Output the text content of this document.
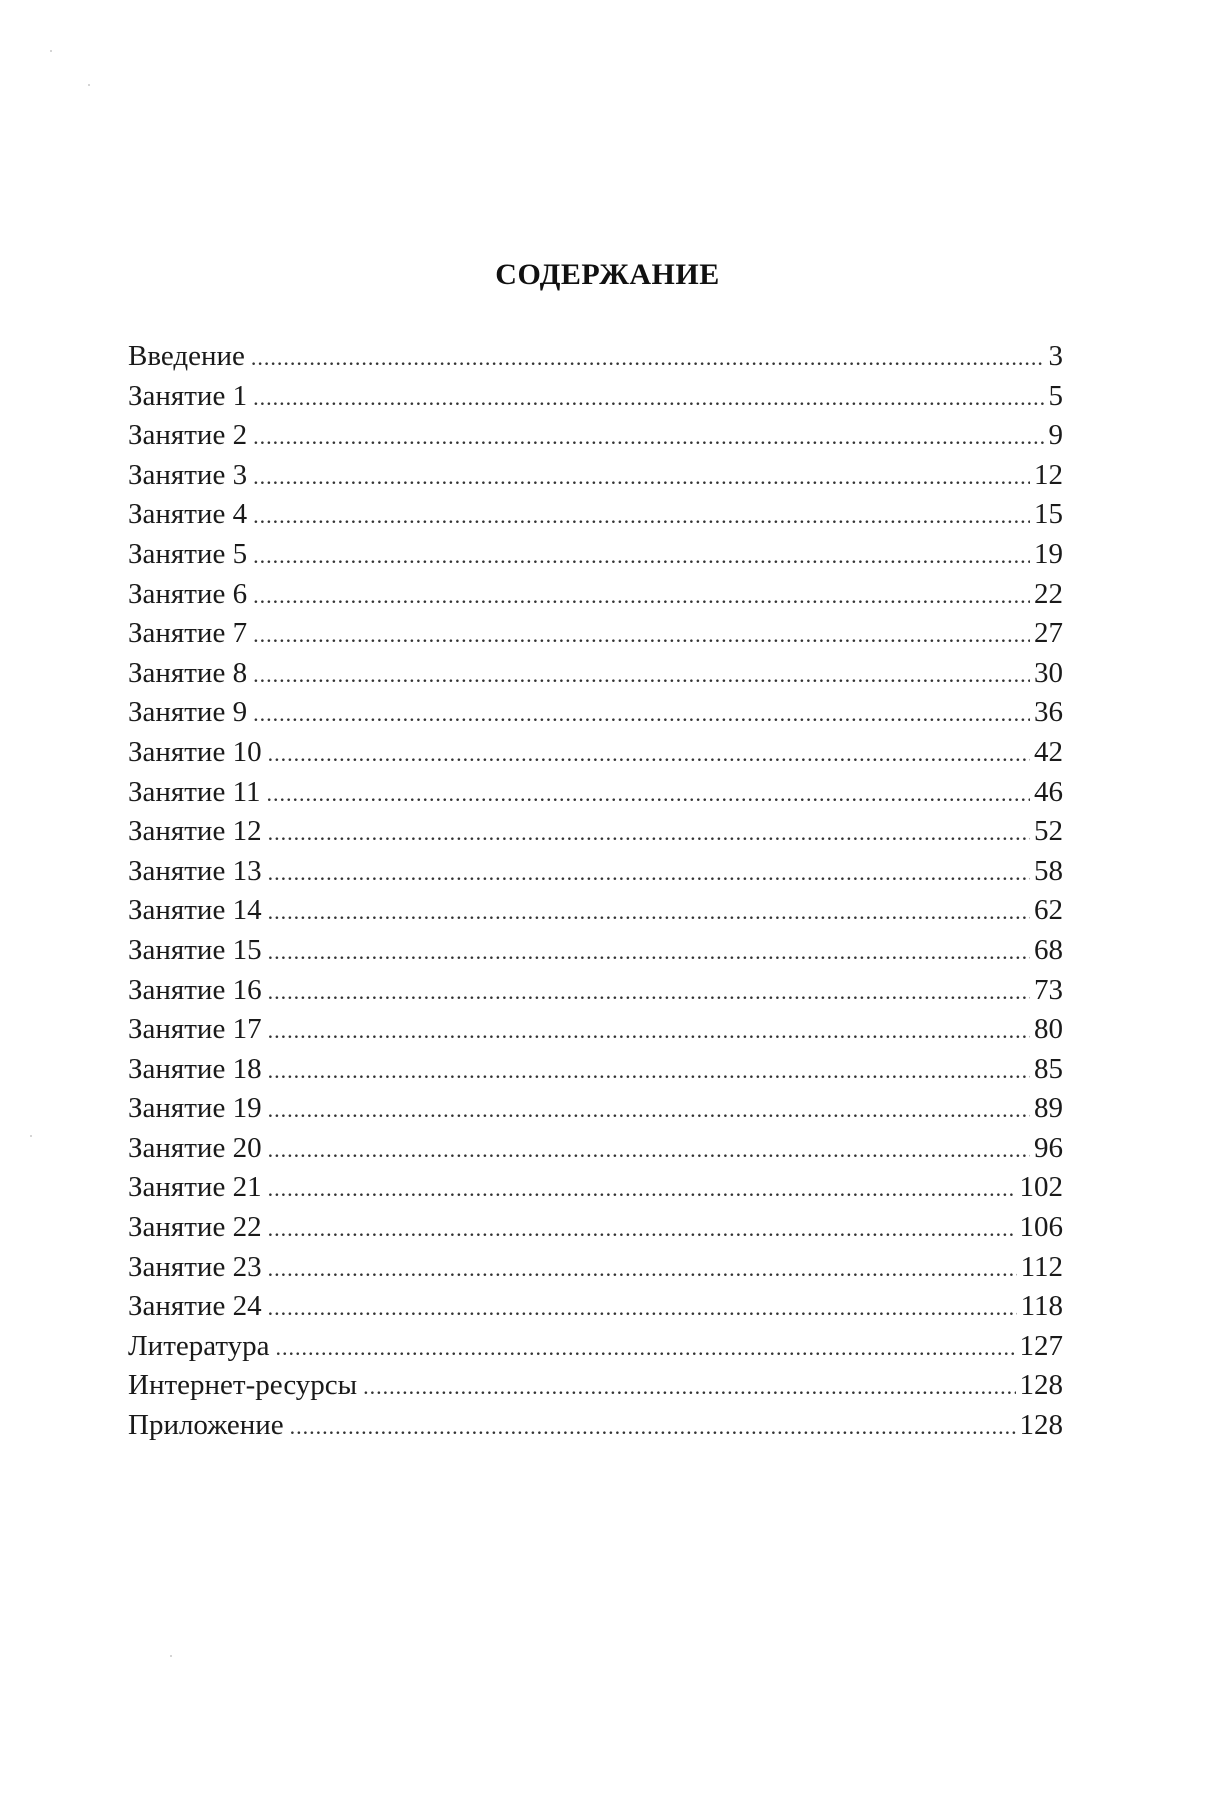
СОДЕРЖАНИЕ
Введение .....	3
Занятие 1 .....	5
Занятие 2 .....	9
Занятие 3 .....	12
Занятие 4 .....	15
Занятие 5 .....	19
Занятие 6 .....	22
Занятие 7 .....	27
Занятие 8 .....	30
Занятие 9 .....	36
Занятие 10 .....	42
Занятие 11 .....	46
Занятие 12 .....	52
Занятие 13 .....	58
Занятие 14 .....	62
Занятие 15 .....	68
Занятие 16 .....	73
Занятие 17 .....	80
Занятие 18 .....	85
Занятие 19 .....	89
Занятие 20 .....	96
Занятие 21 .....	102
Занятие 22 .....	106
Занятие 23 .....	112
Занятие 24 .....	118
Литература .....	127
Интернет-ресурсы .....	128
Приложение .....	128
